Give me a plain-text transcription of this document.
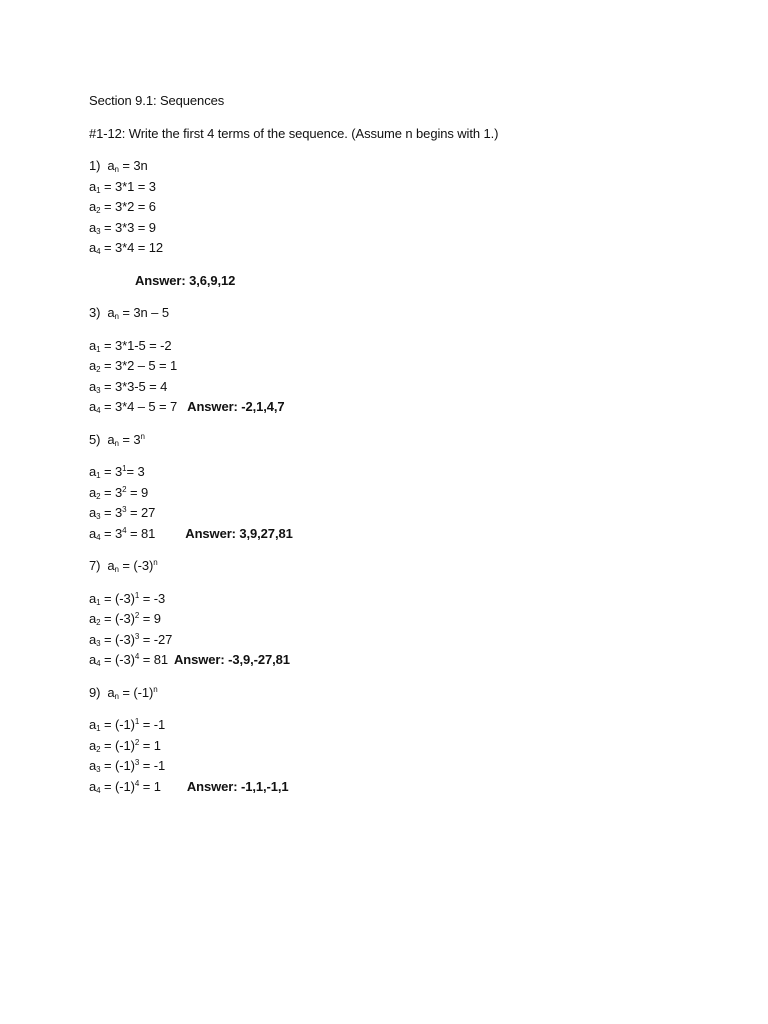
Section 9.1: Sequences
#1-12: Write the first 4 terms of the sequence. (Assume n begins with 1.)
1) $a_n = 3n$
$a_1 = 3*1 = 3$
$a_2 = 3*2 = 6$
$a_3 = 3*3 = 9$
$a_4 = 3*4 = 12$
Answer: 3,6,9,12
3) $a_n = 3n - 5$
$a_1 = 3*1-5 = -2$
$a_2 = 3*2 - 5 = 1$
$a_3 = 3*3-5 = 4$
$a_4 = 3*4 - 5 = 7$ Answer: -2,1,4,7
5) $a_n = 3^n$
$a_1 = 3^1= 3$
$a_2 = 3^2 = 9$
$a_3 = 3^3 = 27$
$a_4 = 3^4 = 81$ Answer: 3,9,27,81
7) $a_n = (-3)^n$
$a_1 = (-3)^1 = -3$
$a_2 = (-3)^2 = 9$
$a_3 = (-3)^3 = -27$
$a_4 = (-3)^4 = 81$ Answer: -3,9,-27,81
9) $a_n = (-1)^n$
$a_1 = (-1)^1 = -1$
$a_2 = (-1)^2 = 1$
$a_3 = (-1)^3 = -1$
$a_4 = (-1)^4 = 1$ Answer: -1,1,-1,1
